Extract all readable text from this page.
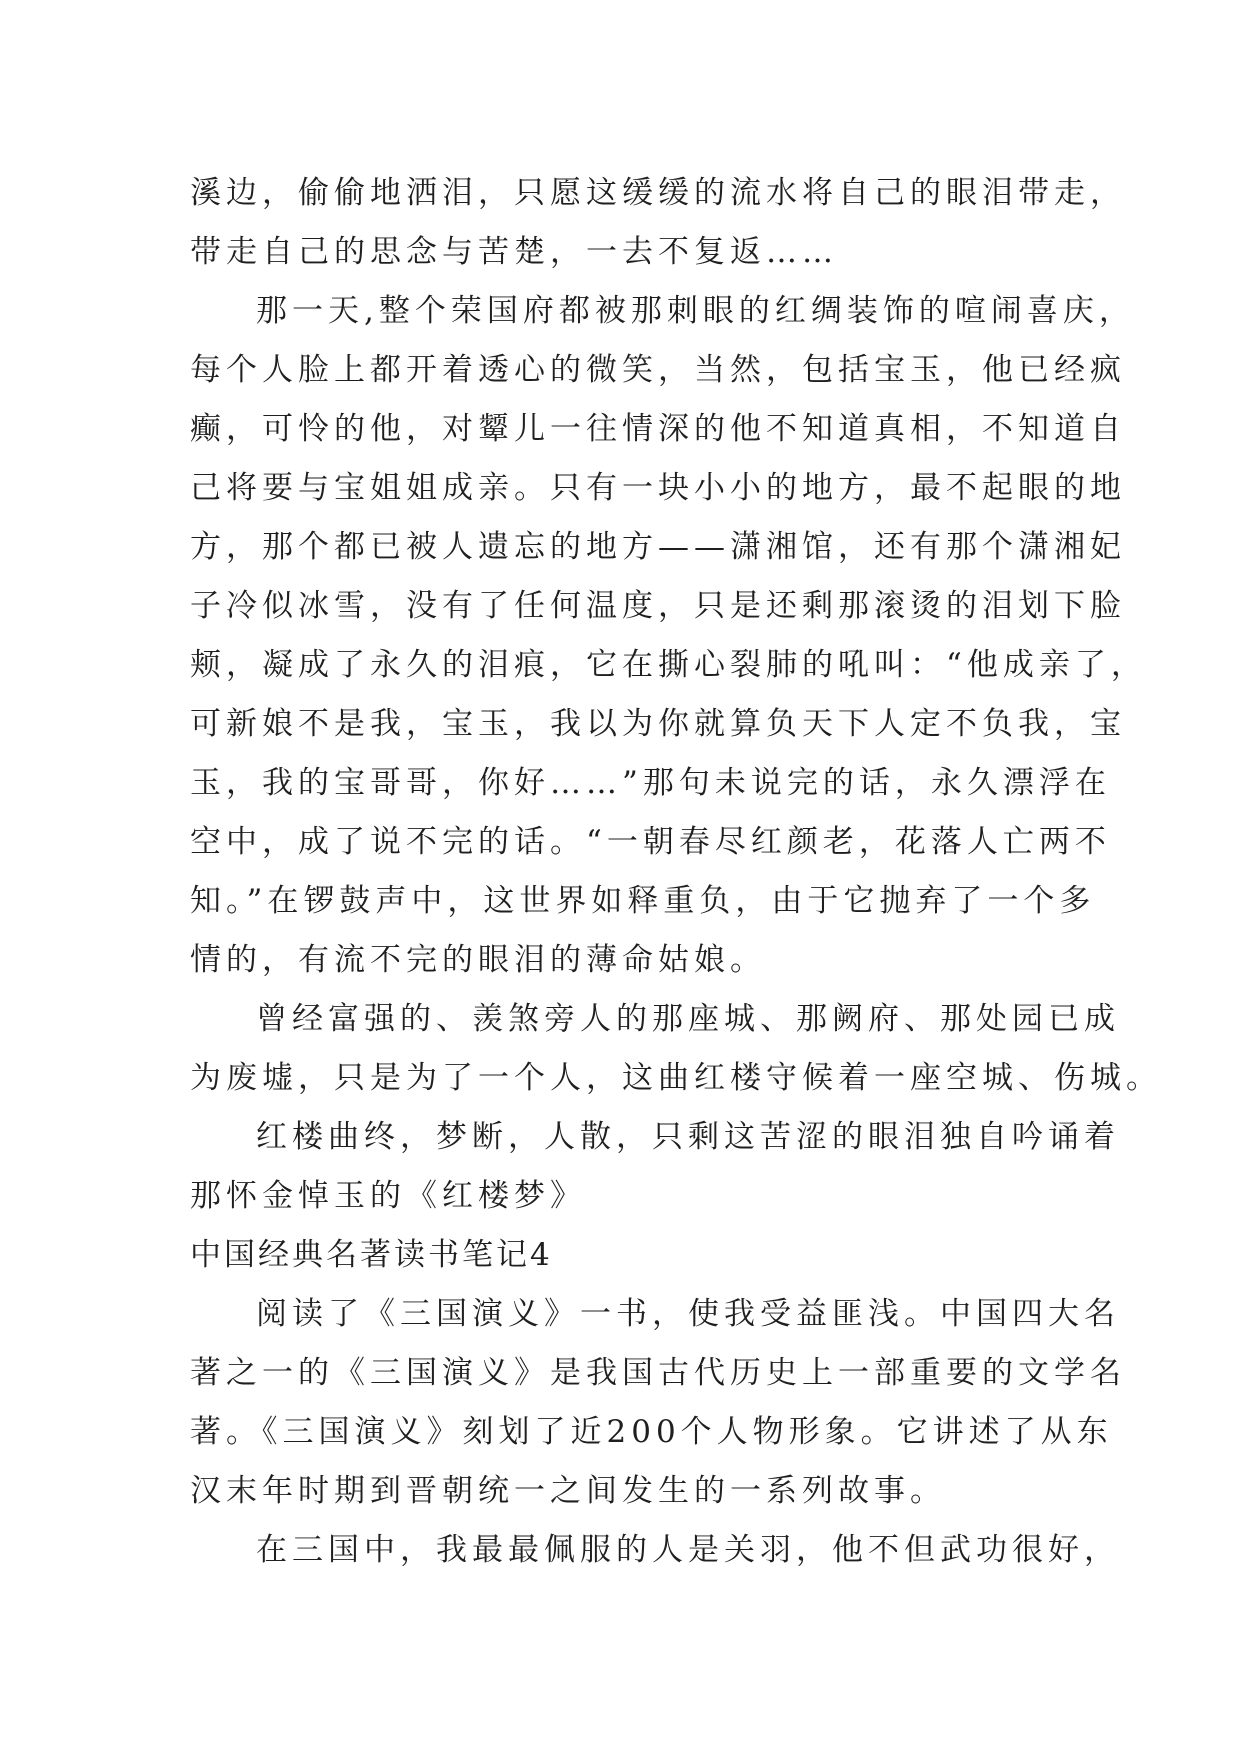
溪边，偷偷地洒泪，只愿这缓缓的流水将自己的眼泪带走，
带走自己的思念与苦楚，一去不复返……
那一天,整个荣国府都被那刺眼的红绸装饰的喧闹喜庆，
每个人脸上都开着透心的微笑，当然，包括宝玉，他已经疯
癫，可怜的他，对颦儿一往情深的他不知道真相，不知道自
己将要与宝姐姐成亲。只有一块小小的地方，最不起眼的地
方，那个都已被人遗忘的地方——潇湘馆，还有那个潇湘妃
子冷似冰雪，没有了任何温度，只是还剩那滚烫的泪划下脸
颊，凝成了永久的泪痕，它在撕心裂肺的吼叫：“他成亲了，
可新娘不是我，宝玉，我以为你就算负天下人定不负我，宝
玉，我的宝哥哥，你好……”那句未说完的话，永久漂浮在
空中，成了说不完的话。“一朝春尽红颜老，花落人亡两不
知。”在锣鼓声中，这世界如释重负，由于它抛弃了一个多
情的，有流不完的眼泪的薄命姑娘。
曾经富强的、羡煞旁人的那座城、那阙府、那处园已成
为废墟，只是为了一个人，这曲红楼守候着一座空城、伤城。
红楼曲终，梦断，人散，只剩这苦涩的眼泪独自吟诵着
那怀金悼玉的《红楼梦》
中国经典名著读书笔记4
阅读了《三国演义》一书，使我受益匪浅。中国四大名
著之一的《三国演义》是我国古代历史上一部重要的文学名
著。《三国演义》刻划了近200个人物形象。它讲述了从东
汉末年时期到晋朝统一之间发生的一系列故事。
在三国中，我最最佩服的人是关羽，他不但武功很好，
